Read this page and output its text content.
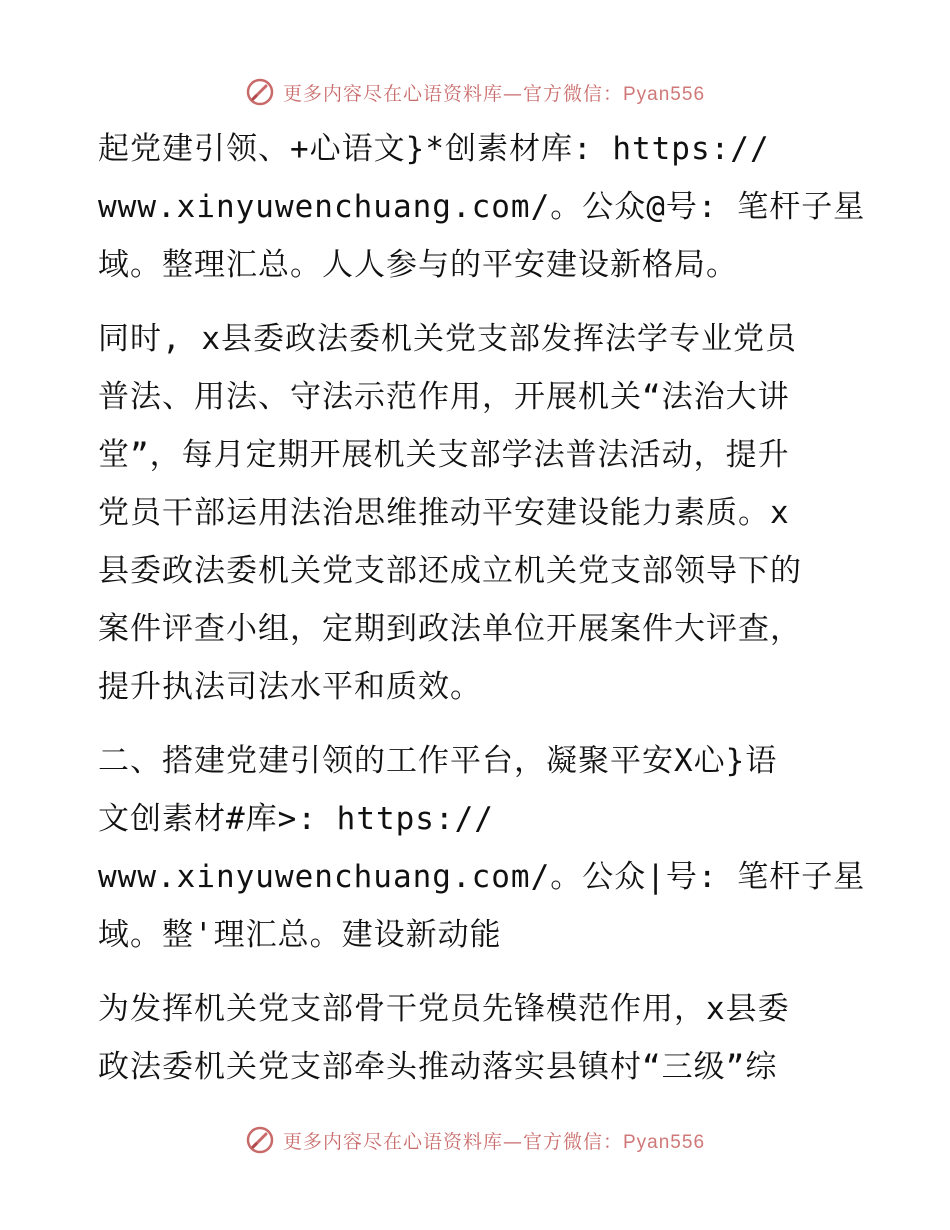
更多内容尽在心语资料库—官方微信：Pyan556
起党建引领、+心语文}*创素材库: https://
www.xinyuwenchuang.com/。公众@号: 笔杆子星
域。整理汇总。人人参与的平安建设新格局。
同时, x县委政法委机关党支部发挥法学专业党员
普法、用法、守法示范作用，开展机关“法治大讲
堂”，每月定期开展机关支部学法普法活动，提升
党员干部运用法治思维推动平安建设能力素质。x
县委政法委机关党支部还成立机关党支部领导下的
案件评查小组，定期到政法单位开展案件大评查，
提升执法司法水平和质效。
二、搭建党建引领的工作平台，凝聚平安X心}语
文创素材#库>: https://
www.xinyuwenchuang.com/。公众|号: 笔杆子星
域。整'理汇总。建设新动能
为发挥机关党支部骨干党员先锋模范作用，x县委
政法委机关党支部牵头推动落实县镇村“三级”综
更多内容尽在心语资料库—官方微信：Pyan556
